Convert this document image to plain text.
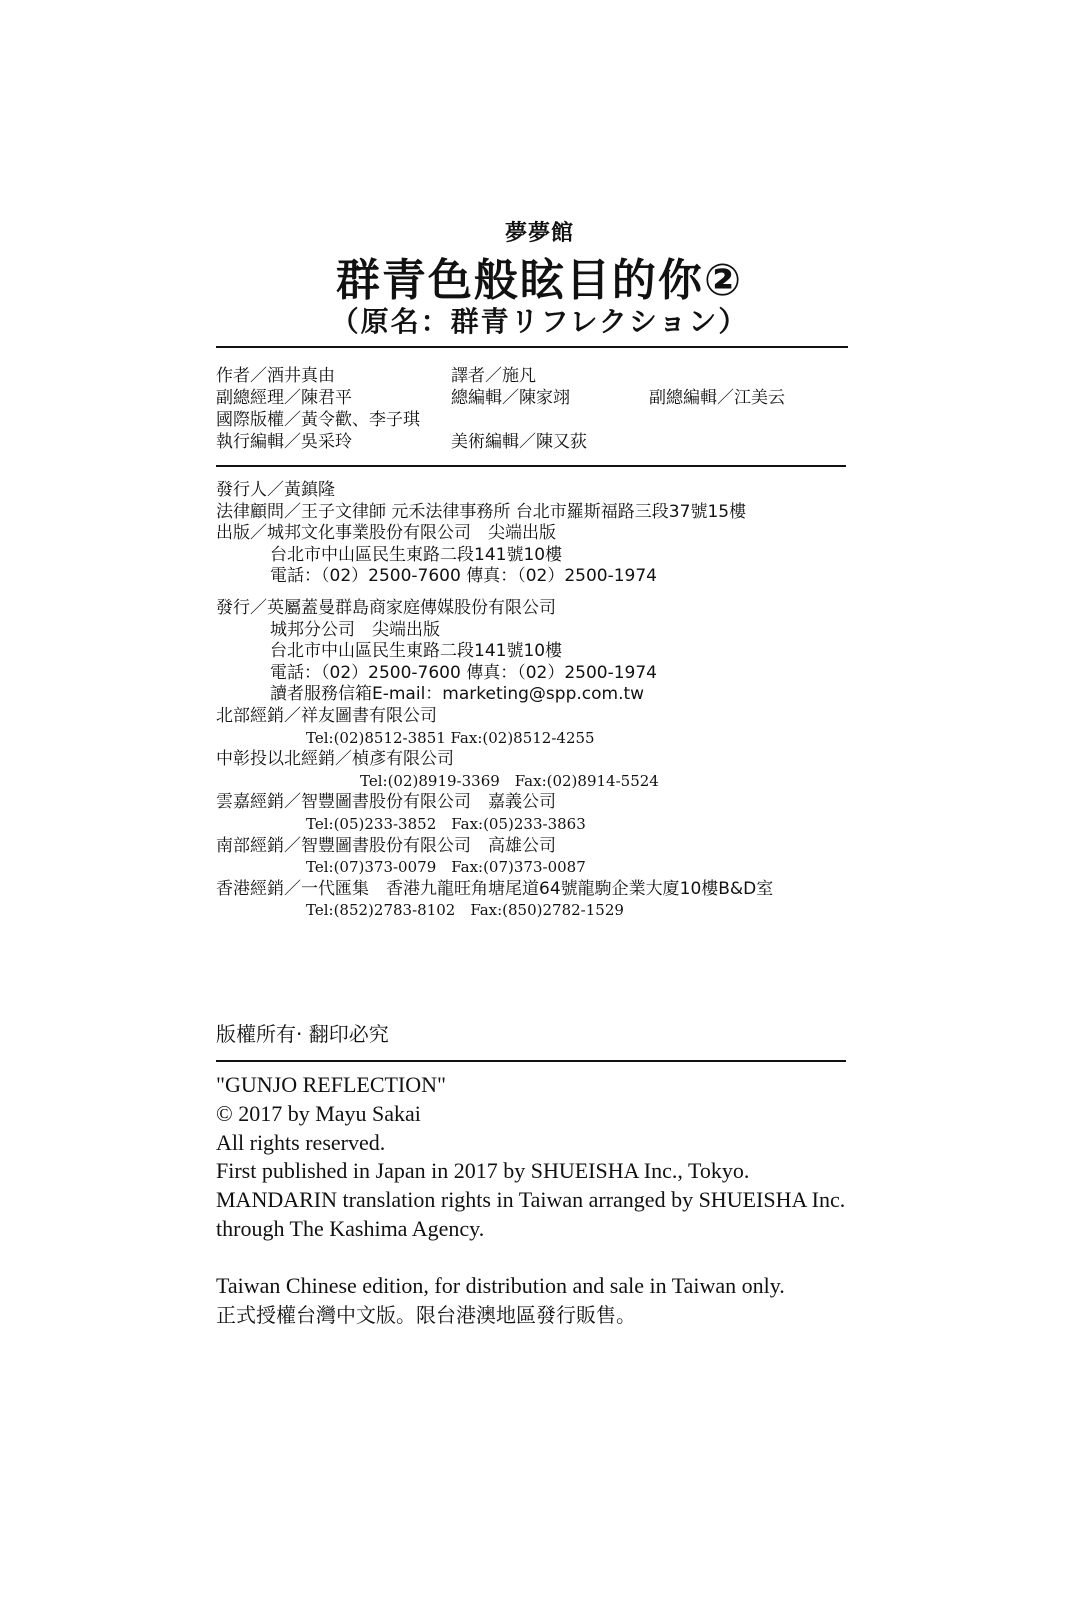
夢夢館
群青色般眩目的你②
（原名：群青リフレクション）
作者／酒井真由	譯者／施凡
副總經理／陳君平	總編輯／陳家翊	副總編輯／江美云
國際版權／黃令歡、李子琪
執行編輯／吳采玲	美術編輯／陳又荻
發行人／黃鎮隆
法律顧問／王子文律師 元禾法律事務所 台北市羅斯福路三段37號15樓
出版／城邦文化事業股份有限公司　尖端出版
台北市中山區民生東路二段141號10樓
電話：（02）2500-7600 傳真：（02）2500-1974
發行／英屬蓋曼群島商家庭傳媒股份有限公司
城邦分公司　尖端出版
台北市中山區民生東路二段141號10樓
電話：（02）2500-7600 傳真：（02）2500-1974
讀者服務信箱E-mail：marketing@spp.com.tw
北部經銷／祥友圖書有限公司
Tel:(02)8512-3851 Fax:(02)8512-4255
中彰投以北經銷／楨彥有限公司
Tel:(02)8919-3369　Fax:(02)8914-5524
雲嘉經銷／智豐圖書股份有限公司　嘉義公司
Tel:(05)233-3852　Fax:(05)233-3863
南部經銷／智豐圖書股份有限公司　高雄公司
Tel:(07)373-0079　Fax:(07)373-0087
香港經銷／一代匯集　香港九龍旺角塘尾道64號龍駒企業大廈10樓B&D室
Tel:(852)2783-8102　Fax:(850)2782-1529
版權所有‧ 翻印必究
"GUNJO REFLECTION"
© 2017 by Mayu Sakai
All rights reserved.
First published in Japan in 2017 by SHUEISHA Inc., Tokyo.
MANDARIN translation rights in Taiwan arranged by SHUEISHA Inc.
through The Kashima Agency.
Taiwan Chinese edition, for distribution and sale in Taiwan only.
正式授權台灣中文版。限台港澳地區發行販售。
